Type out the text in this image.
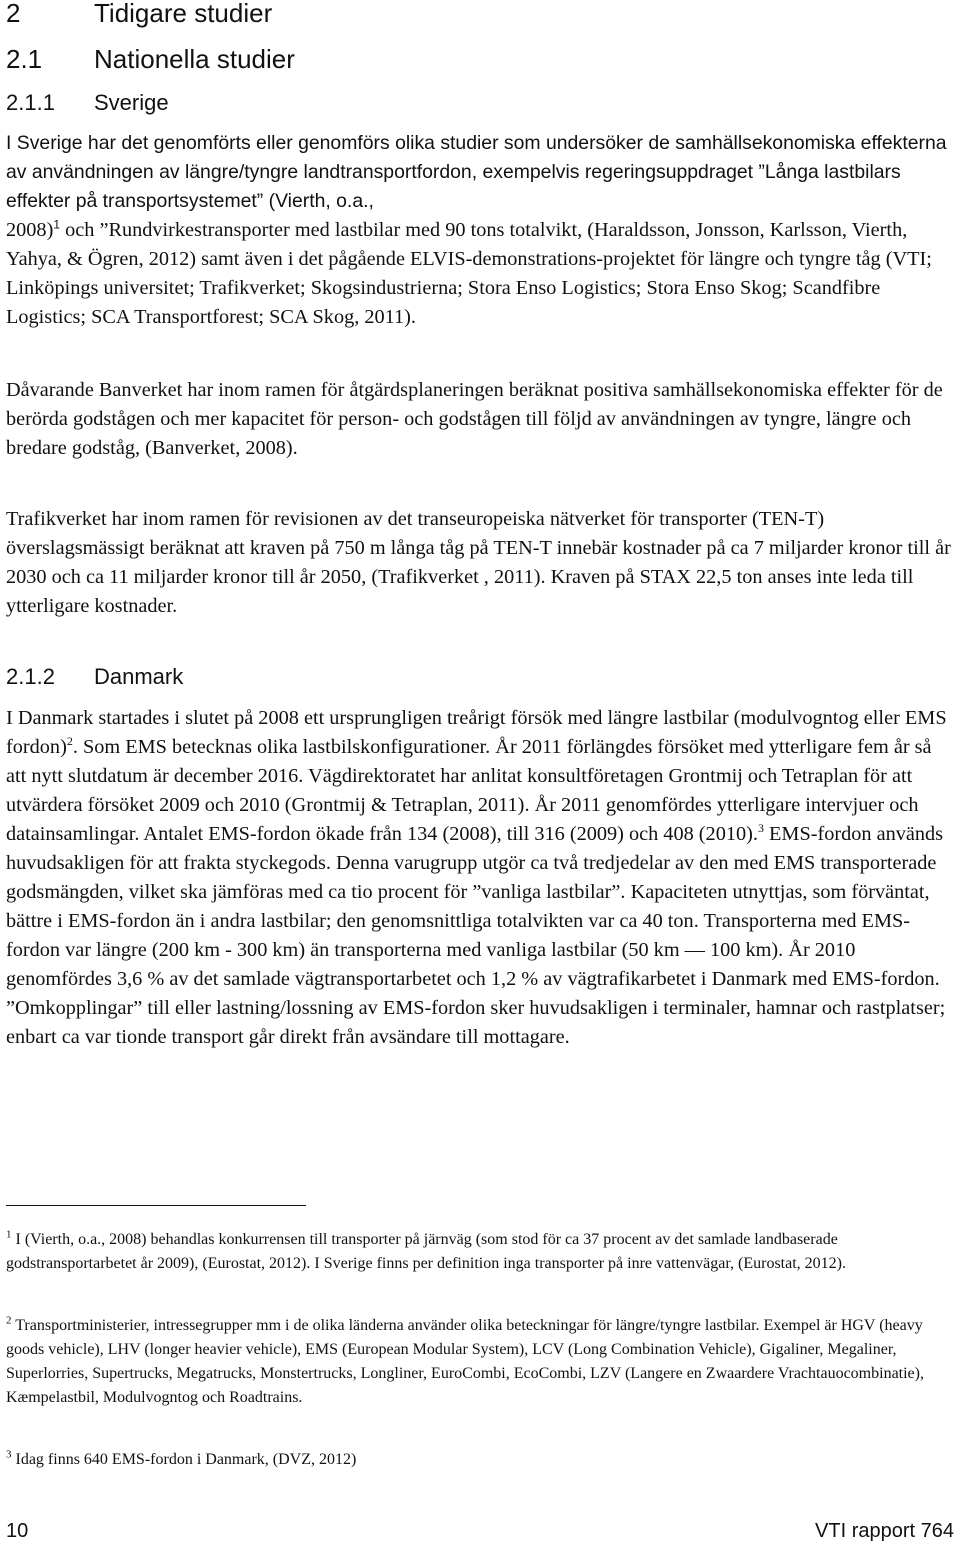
2	Tidigare studier
2.1 Nationella studier
2.1.1 Sverige

I Sverige har det genomförts eller genomförs olika studier som undersöker de samhällsekonomiska effekterna av användningen av längre/tyngre landtransportfordon, exempelvis regeringsuppdraget ”Långa lastbilars effekter på transportsystemet” (Vierth, o.a.,
2008)$^1$ och ”Rundvirkestransporter med lastbilar med 90 tons totalvikt, (Haraldsson, Jonsson, Karlsson, Vierth, Yahya, & Ögren, 2012) samt även i det pågående ELVIS-demonstrations-projektet för längre och tyngre tåg (VTI; Linköpings universitet; Trafikverket; Skogsindustrierna; Stora Enso Logistics; Stora Enso Skog; Scandfibre Logistics; SCA Transportforest; SCA Skog, 2011).

Dåvarande Banverket har inom ramen för åtgärdsplaneringen beräknat positiva samhällsekonomiska effekter för de berörda godstågen och mer kapacitet för person- och godstågen till följd av användningen av tyngre, längre och bredare godståg, (Banverket, 2008).

Trafikverket har inom ramen för revisionen av det transeuropeiska nätverket för transporter (TEN-T) överslagsmässigt beräknat att kraven på 750 m långa tåg på TEN-T innebär kostnader på ca 7 miljarder kronor till år 2030 och ca 11 miljarder kronor till år 2050, (Trafikverket , 2011). Kraven på STAX 22,5 ton anses inte leda till ytterligare kostnader.

2.1.2 Danmark

I Danmark startades i slutet på 2008 ett ursprungligen treårigt försök med längre lastbilar (modulvogntog eller EMS fordon)$^2$. Som EMS betecknas olika lastbilskonfigurationer. År 2011 förlängdes försöket med ytterligare fem år så att nytt slutdatum är december 2016. Vägdirektoratet har anlitat konsultföretagen Grontmij och Tetraplan för att utvärdera försöket 2009 och 2010 (Grontmij & Tetraplan, 2011). År 2011 genomfördes ytterligare intervjuer och datainsamlingar. Antalet EMS-fordon ökade från 134 (2008), till 316 (2009) och 408 (2010).$^3$ EMS-fordon används huvudsakligen för att frakta styckegods. Denna varugrupp utgör ca två tredjedelar av den med EMS transporterade godsmängden, vilket ska jämföras med ca tio procent för ”vanliga lastbilar”. Kapaciteten utnyttjas, som förväntat, bättre i EMS-fordon än i andra lastbilar; den genomsnittliga totalvikten var ca 40 ton. Transporterna med EMS-fordon var längre (200 km - 300 km) än transporterna med vanliga lastbilar (50 km — 100 km). År 2010 genomfördes 3,6 % av det samlade vägtransportarbetet och 1,2 % av vägtrafikarbetet i Danmark med EMS-fordon. ”Omkopplingar” till eller lastning/lossning av EMS-fordon sker huvudsakligen i terminaler, hamnar och rastplatser; enbart ca var tionde transport går direkt från avsändare till mottagare.

$^1$ I (Vierth, o.a., 2008) behandlas konkurrensen till transporter på järnväg (som stod för ca 37 procent av det samlade landbaserade godstransportarbetet år 2009), (Eurostat, 2012). I Sverige finns per definition inga transporter på inre vattenvägar, (Eurostat, 2012).

$^2$ Transportministerier, intressegrupper mm i de olika länderna använder olika beteckningar för längre/tyngre lastbilar. Exempel är HGV (heavy goods vehicle), LHV (longer heavier vehicle), EMS (European Modular System), LCV (Long Combination Vehicle), Gigaliner, Megaliner, Superlorries, Supertrucks, Megatrucks, Monstertrucks, Longliner, EuroCombi, EcoCombi, LZV (Langere en Zwaardere Vrachtauocombinatie), Kæmpelastbil, Modulvogntog och Roadtrains.

$^3$ Idag finns 640 EMS-fordon i Danmark, (DVZ, 2012)

10	VTI rapport 764
